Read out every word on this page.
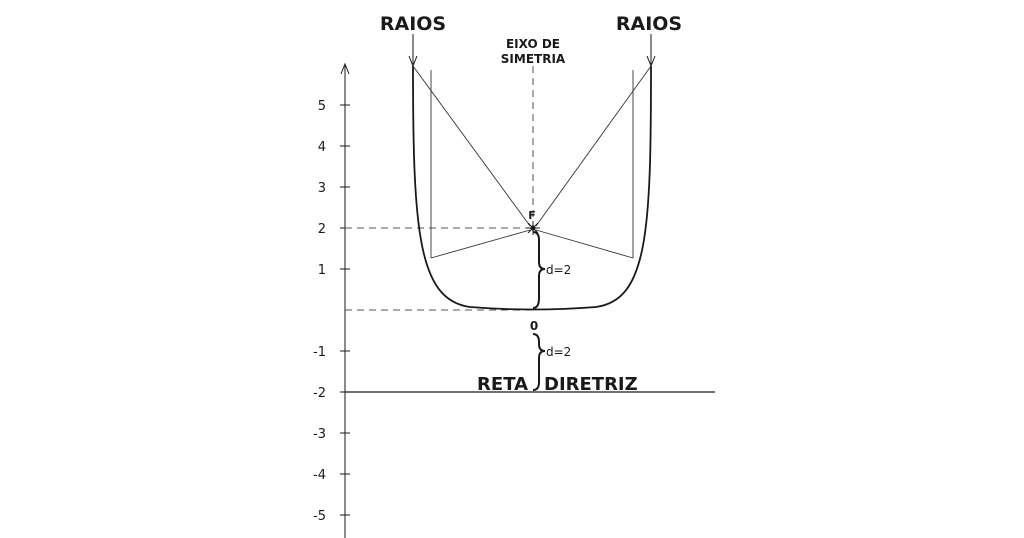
5
4
3
2
1
-1
-2
-3
-4
-5
RAIOS	RAIOS
EIXO DE
SIMETRIA
F
0
d=2
d=2
RETA DIRETRIZ
